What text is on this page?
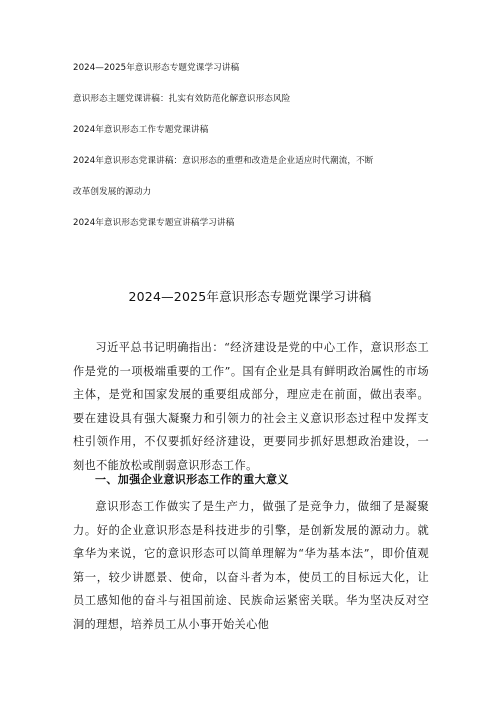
2024—2025年意识形态专题党课学习讲稿

意识形态主题党课讲稿：扎实有效防范化解意识形态风险

2024年意识形态工作专题党课讲稿

2024年意识形态党课讲稿：意识形态的重塑和改造是企业适应时代潮流，不断

改革创发展的源动力

2024年意识形态党课专题宣讲稿学习讲稿

2024—2025年意识形态专题党课学习讲稿

习近平总书记明确指出：“经济建设是党的中心工作，意识形态工作是党的一项极端重要的工作”。国有企业是具有鲜明政治属性的市场主体，是党和国家发展的重要组成部分，理应走在前面，做出表率。要在建设具有强大凝聚力和引领力的社会主义意识形态过程中发挥支柱引领作用，不仅要抓好经济建设，更要同步抓好思想政治建设，一刻也不能放松或削弱意识形态工作。

一、加强企业意识形态工作的重大意义

意识形态工作做实了是生产力，做强了是竞争力，做细了是凝聚力。好的企业意识形态是科技进步的引擎，是创新发展的源动力。就拿华为来说，它的意识形态可以简单理解为“华为基本法”，即价值观第一，较少讲愿景、使命，以奋斗者为本，使员工的目标远大化，让员工感知他的奋斗与祖国前途、民族命运紧密关联。华为坚决反对空洞的理想，培养员工从小事开始关心他
